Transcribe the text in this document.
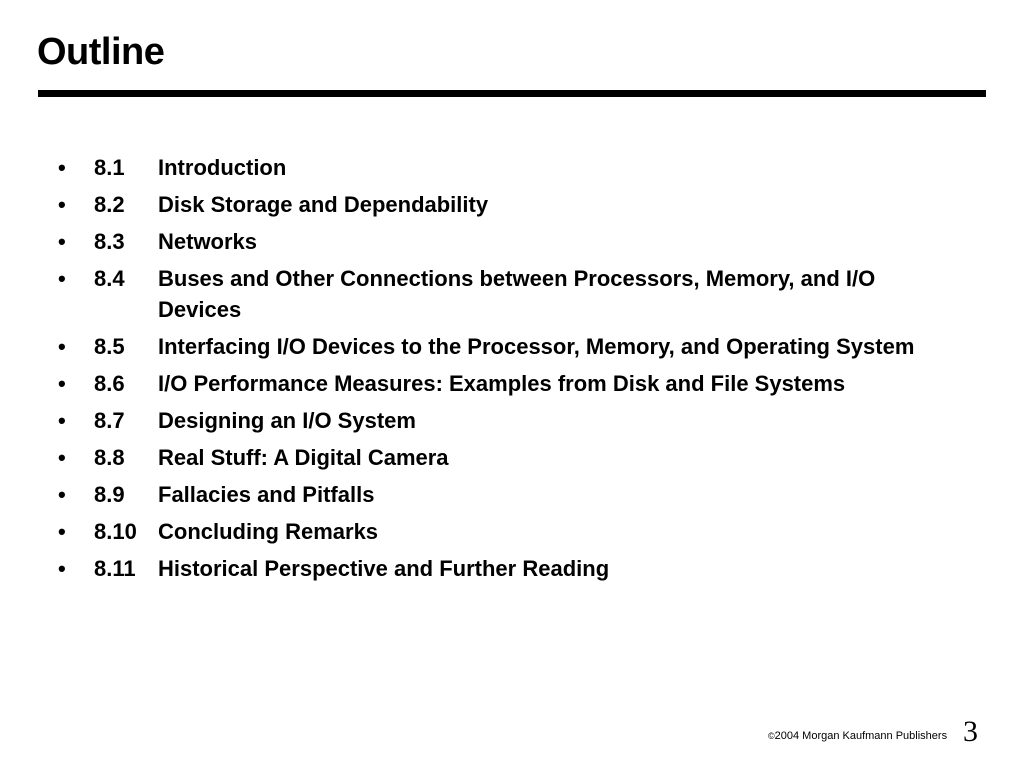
Outline
•	8.1	Introduction
•	8.2	Disk Storage and Dependability
•	8.3	Networks
•	8.4	Buses and Other Connections between Processors, Memory, and I/O Devices
•	8.5	Interfacing I/O Devices to the Processor, Memory, and Operating System
•	8.6	I/O Performance Measures: Examples from Disk and File Systems
•	8.7	Designing an I/O System
•	8.8	Real Stuff: A Digital Camera
•	8.9	Fallacies and Pitfalls
•	8.10 Concluding Remarks
•	8.11	Historical Perspective and Further Reading
©2004 Morgan Kaufmann Publishers 3
